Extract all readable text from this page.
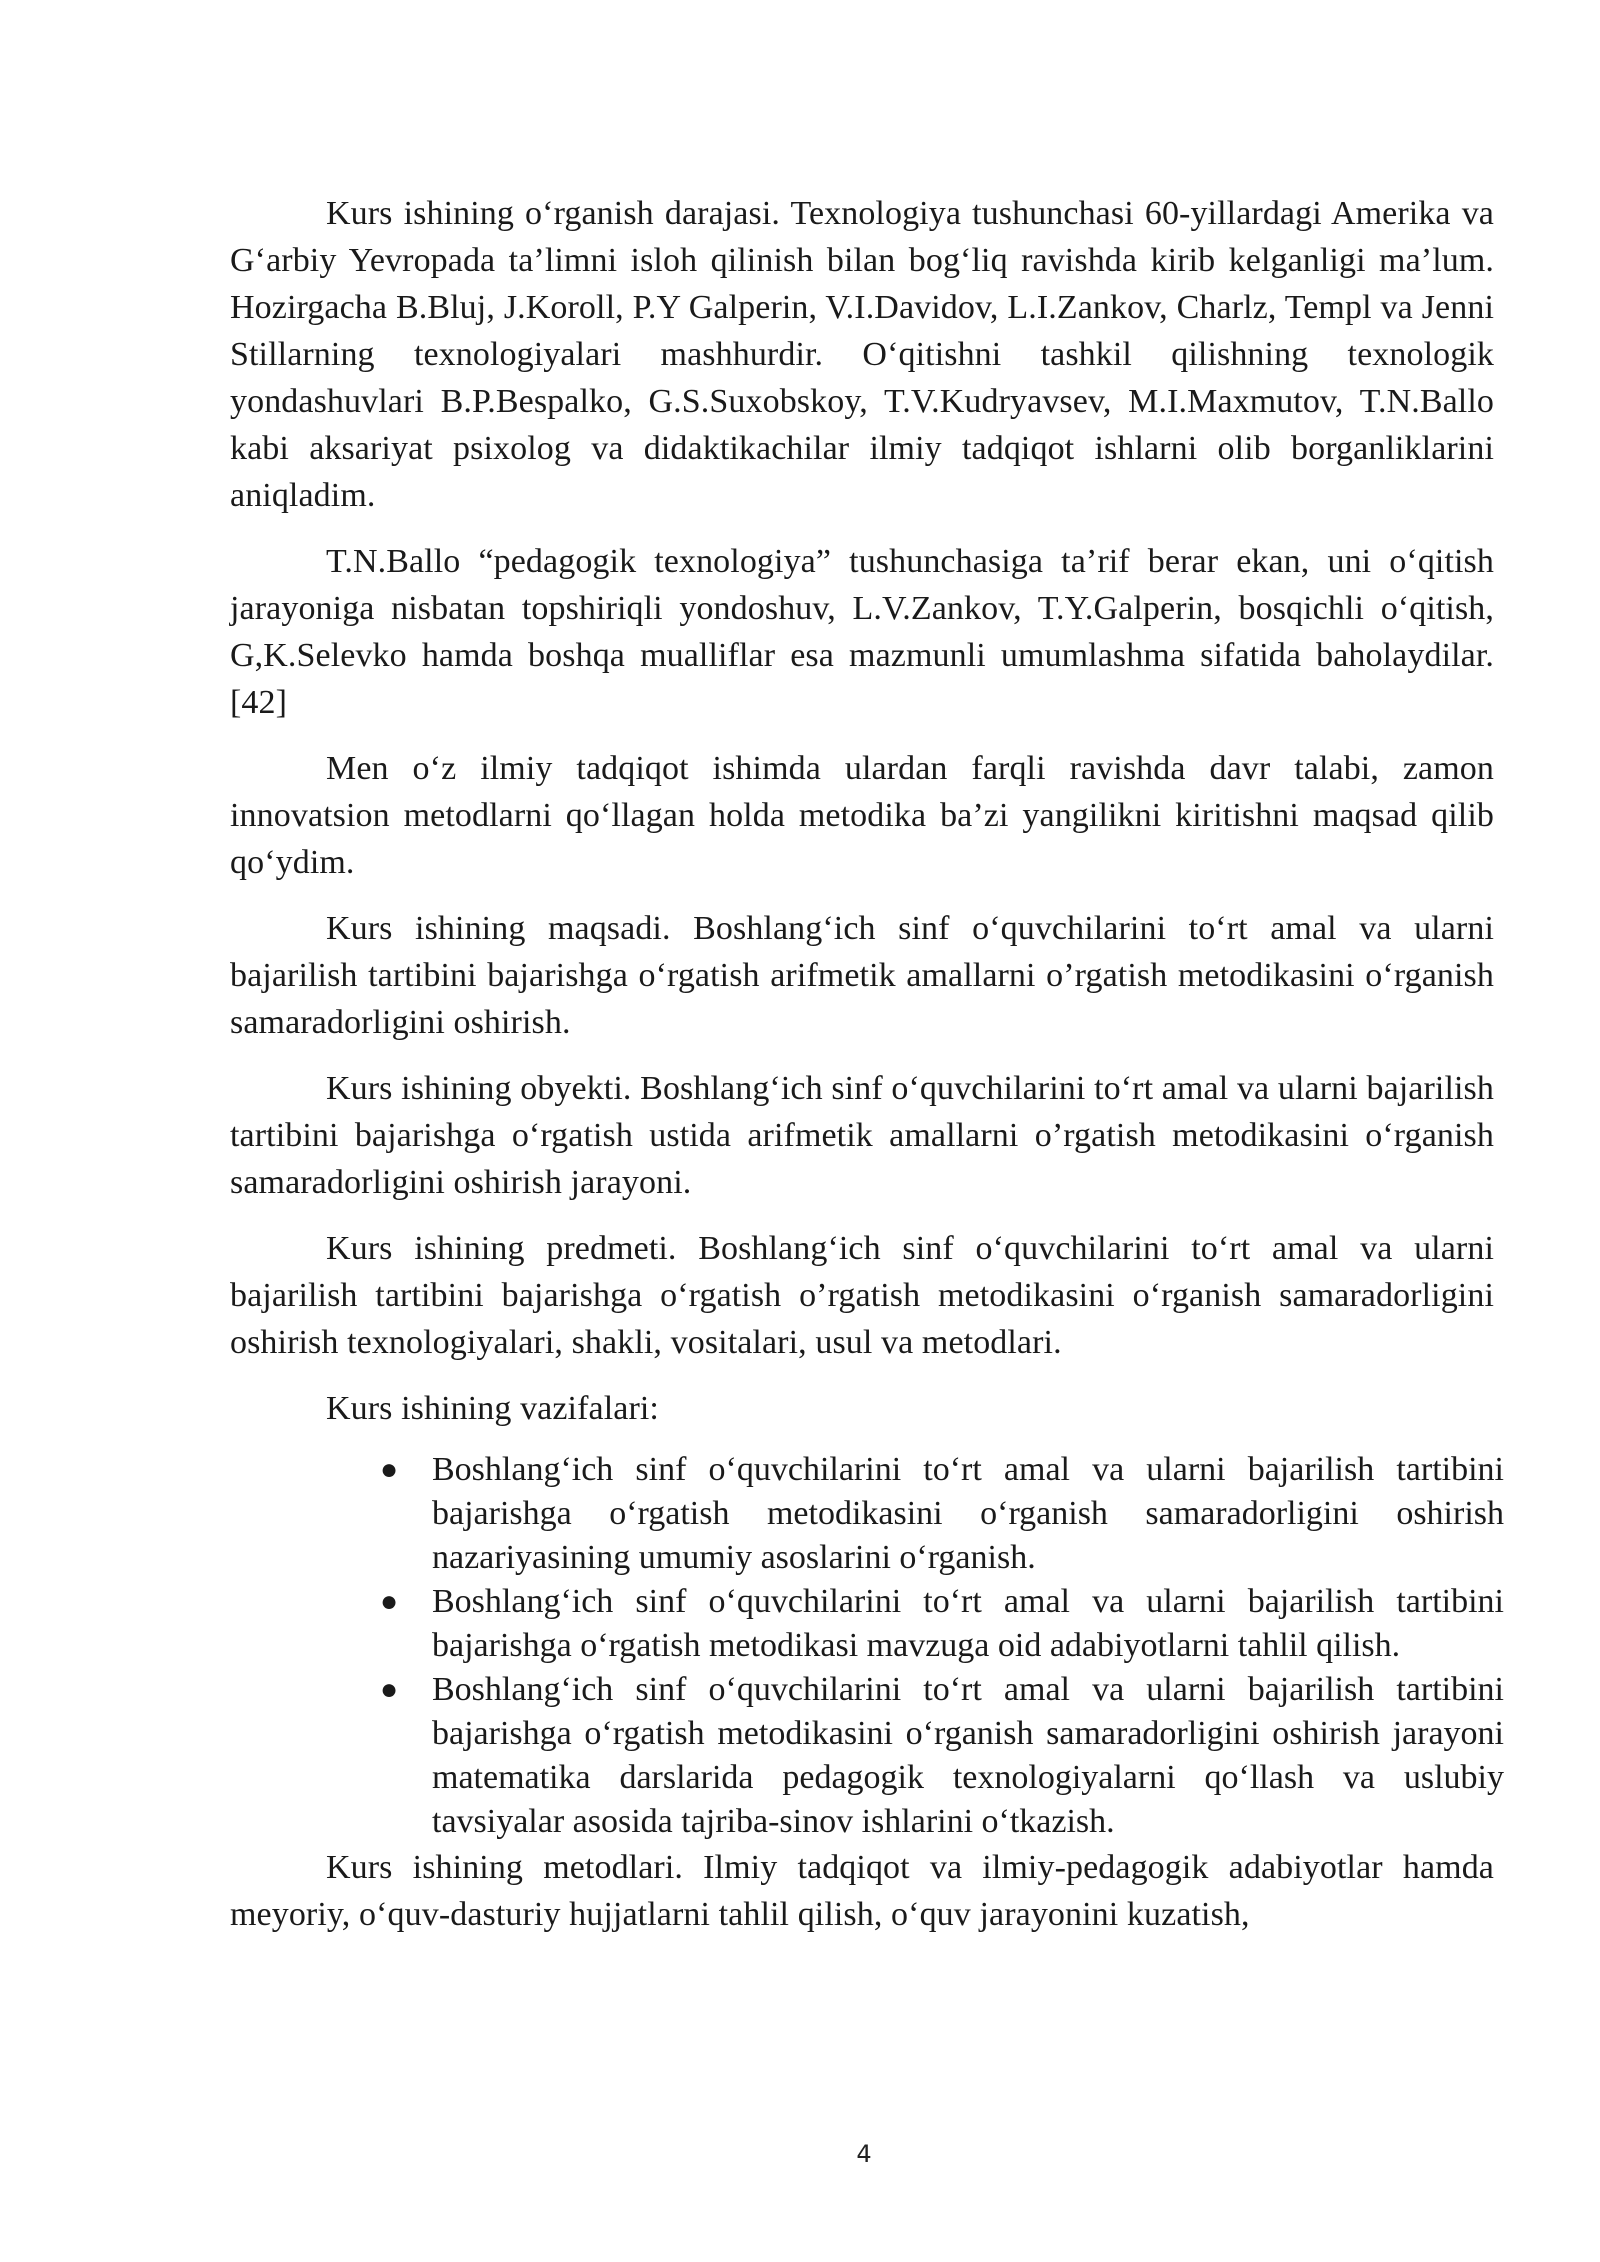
Kurs ishining o‘rganish darajasi. Texnologiya tushunchasi 60-yillardagi Amerika va G‘arbiy Yevropada ta’limni isloh qilinish bilan bog‘liq ravishda kirib kelganligi ma’lum. Hozirgacha B.Bluj, J.Koroll, P.Y Galperin, V.I.Davidov, L.I.Zankov, Charlz, Templ va Jenni Stillarning texnologiyalari mashhurdir. O‘qitishni tashkil qilishning texnologik yondashuvlari B.P.Bespalko, G.S.Suxobskoy, T.V.Kudryavsev, M.I.Maxmutov, T.N.Ballo kabi aksariyat psixolog va didaktikachilar ilmiy tadqiqot ishlarni olib borganliklarini aniqladim.

T.N.Ballo “pedagogik texnologiya” tushunchasiga ta’rif berar ekan, uni o‘qitish jarayoniga nisbatan topshiriqli yondoshuv, L.V.Zankov, T.Y.Galperin, bosqichli o‘qitish, G,K.Selevko hamda boshqa mualliflar esa mazmunli umumlashma sifatida baholaydilar.[42]

Men o‘z ilmiy tadqiqot ishimda ulardan farqli ravishda davr talabi, zamon innovatsion metodlarni qo‘llagan holda metodika ba’zi yangilikni kiritishni maqsad qilib qo‘ydim.

Kurs ishining maqsadi. Boshlang‘ich sinf o‘quvchilarini to‘rt amal va ularni bajarilish tartibini bajarishga o‘rgatish arifmetik amallarni o’rgatish metodikasini o‘rganish samaradorligini oshirish.

Kurs ishining obyekti. Boshlang‘ich sinf o‘quvchilarini to‘rt amal va ularni bajarilish tartibini bajarishga o‘rgatish ustida arifmetik amallarni o’rgatish metodikasini o‘rganish samaradorligini oshirish jarayoni.

Kurs ishining predmeti. Boshlang‘ich sinf o‘quvchilarini to‘rt amal va ularni bajarilish tartibini bajarishga o‘rgatish o’rgatish metodikasini o‘rganish samaradorligini oshirish texnologiyalari, shakli, vositalari, usul va metodlari.

Kurs ishining vazifalari:

● Boshlang‘ich sinf o‘quvchilarini to‘rt amal va ularni bajarilish tartibini bajarishga o‘rgatish metodikasini o‘rganish samaradorligini oshirish nazariyasining umumiy asoslarini o‘rganish.
● Boshlang‘ich sinf o‘quvchilarini to‘rt amal va ularni bajarilish tartibini bajarishga o‘rgatish metodikasi mavzuga oid adabiyotlarni tahlil qilish.
● Boshlang‘ich sinf o‘quvchilarini to‘rt amal va ularni bajarilish tartibini bajarishga o‘rgatish metodikasini o‘rganish samaradorligini oshirish jarayoni matematika darslarida pedagogik texnologiyalarni qo‘llash va uslubiy tavsiyalar asosida tajriba-sinov ishlarini o‘tkazish.

Kurs ishining metodlari. Ilmiy tadqiqot va ilmiy-pedagogik adabiyotlar hamda meyoriy, o‘quv-dasturiy hujjatlarni tahlil qilish, o‘quv jarayonini kuzatish,

4
